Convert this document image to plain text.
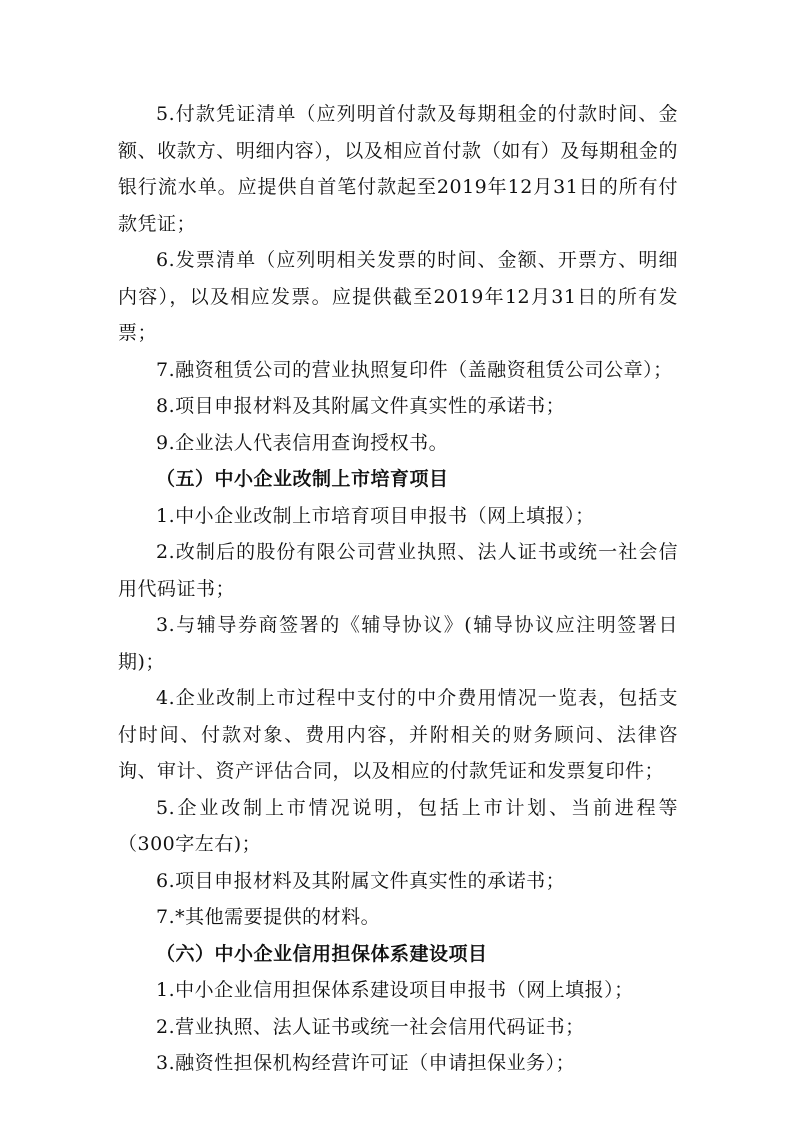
5.付款凭证清单（应列明首付款及每期租金的付款时间、金额、收款方、明细内容），以及相应首付款（如有）及每期租金的银行流水单。应提供自首笔付款起至2019年12月31日的所有付款凭证；

6.发票清单（应列明相关发票的时间、金额、开票方、明细内容），以及相应发票。应提供截至2019年12月31日的所有发票；

7.融资租赁公司的营业执照复印件（盖融资租赁公司公章）；

8.项目申报材料及其附属文件真实性的承诺书；

9.企业法人代表信用查询授权书。

（五）中小企业改制上市培育项目

1.中小企业改制上市培育项目申报书（网上填报）；

2.改制后的股份有限公司营业执照、法人证书或统一社会信用代码证书；

3.与辅导券商签署的《辅导协议》(辅导协议应注明签署日期)；

4.企业改制上市过程中支付的中介费用情况一览表，包括支付时间、付款对象、费用内容，并附相关的财务顾问、法律咨询、审计、资产评估合同，以及相应的付款凭证和发票复印件；

5.企业改制上市情况说明，包括上市计划、当前进程等（300字左右)；

6.项目申报材料及其附属文件真实性的承诺书；

7.*其他需要提供的材料。

（六）中小企业信用担保体系建设项目

1.中小企业信用担保体系建设项目申报书（网上填报）；

2.营业执照、法人证书或统一社会信用代码证书；

3.融资性担保机构经营许可证（申请担保业务）；
